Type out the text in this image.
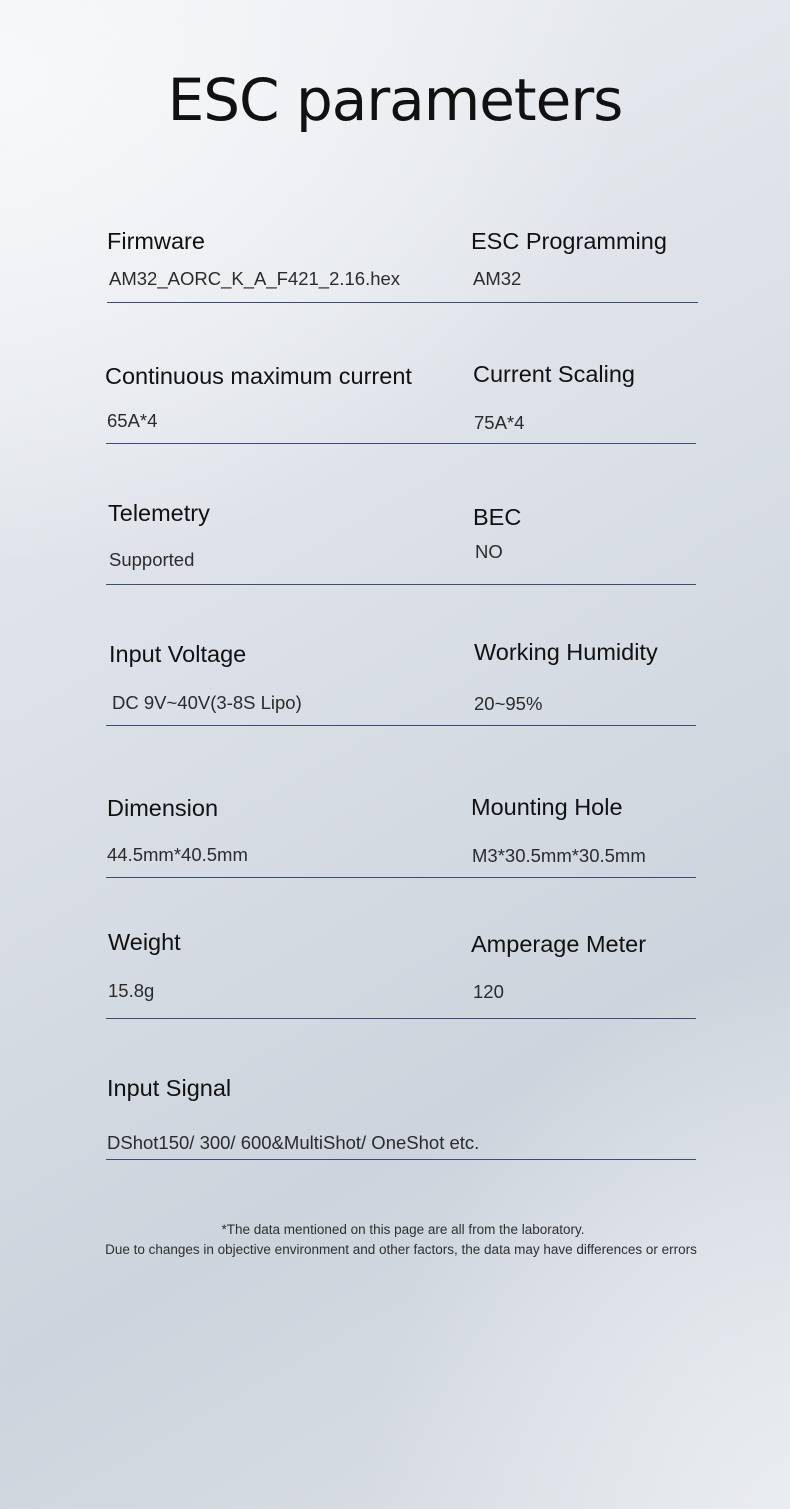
ESC parameters
Firmware
AM32_AORC_K_A_F421_2.16.hex
ESC Programming
AM32
Continuous maximum current
65A*4
Current Scaling
75A*4
Telemetry
Supported
BEC
NO
Input Voltage
DC 9V~40V(3-8S Lipo)
Working Humidity
20~95%
Dimension
44.5mm*40.5mm
Mounting Hole
M3*30.5mm*30.5mm
Weight
15.8g
Amperage Meter
120
Input Signal
DShot150/ 300/ 600&MultiShot/ OneShot etc.
*The data mentioned on this page are all from the laboratory.
Due to changes in objective environment and other factors, the data may have differences or errors
